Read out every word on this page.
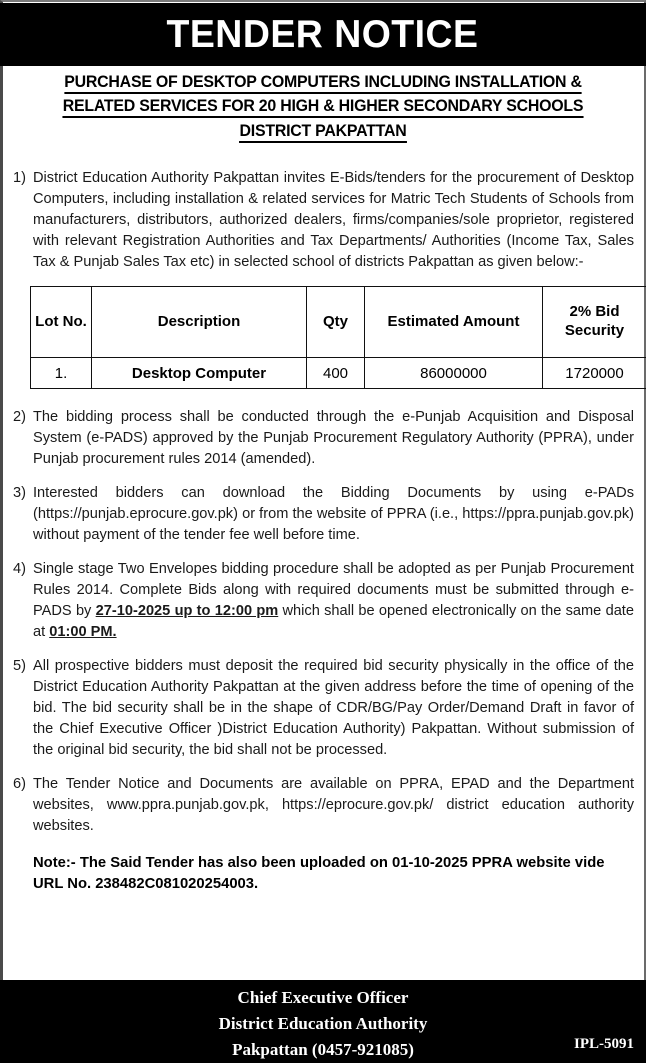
TENDER NOTICE
PURCHASE OF DESKTOP COMPUTERS INCLUDING INSTALLATION &
RELATED SERVICES FOR 20 HIGH & HIGHER SECONDARY SCHOOLS
DISTRICT PAKPATTAN
1) District Education Authority Pakpattan invites E-Bids/tenders for the procurement of Desktop Computers, including installation & related services for Matric Tech Students of Schools from manufacturers, distributors, authorized dealers, firms/companies/sole proprietor, registered with relevant Registration Authorities and Tax Departments/ Authorities (Income Tax, Sales Tax & Punjab Sales Tax etc) in selected school of districts Pakpattan as given below:-
Lot No.	Description	Qty	Estimated Amount	2% Bid Security
1.	Desktop Computer	400	86000000	1720000
2) The bidding process shall be conducted through the e-Punjab Acquisition and Disposal System (e-PADS) approved by the Punjab Procurement Regulatory Authority (PPRA), under Punjab procurement rules 2014 (amended).
3) Interested bidders can download the Bidding Documents by using e-PADs (https://punjab.eprocure.gov.pk) or from the website of PPRA (i.e., https://ppra.punjab.gov.pk) without payment of the tender fee well before time.
4) Single stage Two Envelopes bidding procedure shall be adopted as per Punjab Procurement Rules 2014. Complete Bids along with required documents must be submitted through e-PADS by 27-10-2025 up to 12:00 pm which shall be opened electronically on the same date at 01:00 PM.
5) All prospective bidders must deposit the required bid security physically in the office of the District Education Authority Pakpattan at the given address before the time of opening of the bid. The bid security shall be in the shape of CDR/BG/Pay Order/Demand Draft in favor of the Chief Executive Officer )District Education Authority) Pakpattan. Without submission of the original bid security, the bid shall not be processed.
6) The Tender Notice and Documents are available on PPRA, EPAD and the Department websites, www.ppra.punjab.gov.pk, https://eprocure.gov.pk/ district education authority websites.
Note:- The Said Tender has also been uploaded on 01-10-2025 PPRA website vide URL No. 238482C081020254003.
Chief Executive Officer
District Education Authority
Pakpattan (0457-921085)	IPL-5091
